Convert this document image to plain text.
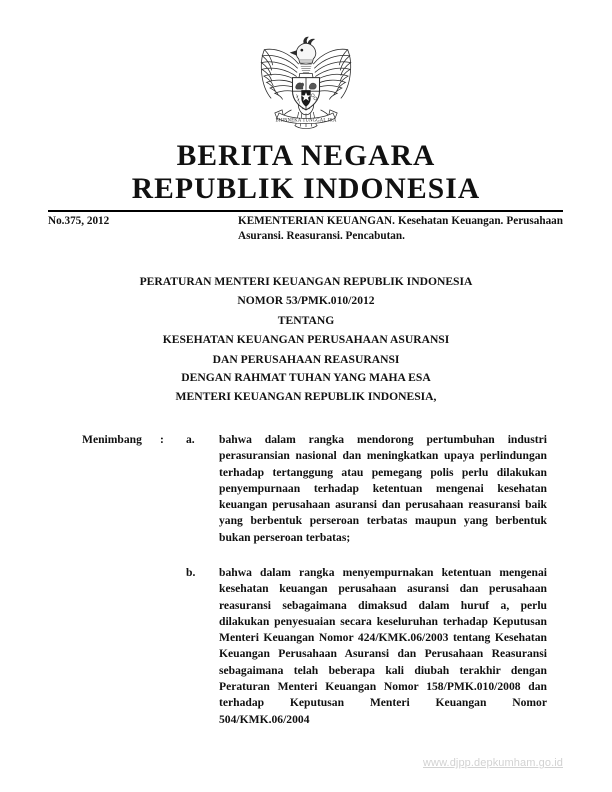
BHINNEKA TUNGGAL IKA
BERITA NEGARA
REPUBLIK INDONESIA
No.375, 2012	KEMENTERIAN KEUANGAN. Kesehatan Keuangan. Perusahaan Asuransi. Reasuransi. Pencabutan.
PERATURAN MENTERI KEUANGAN REPUBLIK INDONESIA
NOMOR 53/PMK.010/2012
TENTANG
KESEHATAN KEUANGAN PERUSAHAAN ASURANSI
DAN PERUSAHAAN REASURANSI
DENGAN RAHMAT TUHAN YANG MAHA ESA
MENTERI KEUANGAN REPUBLIK INDONESIA,
Menimbang : a. bahwa dalam rangka mendorong pertumbuhan industri perasuransian nasional dan meningkatkan upaya perlindungan terhadap tertanggung atau pemegang polis perlu dilakukan penyempurnaan terhadap ketentuan mengenai kesehatan keuangan perusahaan asuransi dan perusahaan reasuransi baik yang berbentuk perseroan terbatas maupun yang berbentuk bukan perseroan terbatas;
b. bahwa dalam rangka menyempurnakan ketentuan mengenai kesehatan keuangan perusahaan asuransi dan perusahaan reasuransi sebagaimana dimaksud dalam huruf a, perlu dilakukan penyesuaian secara keseluruhan terhadap Keputusan Menteri Keuangan Nomor 424/KMK.06/2003 tentang Kesehatan Keuangan Perusahaan Asuransi dan Perusahaan Reasuransi sebagaimana telah beberapa kali diubah terakhir dengan Peraturan Menteri Keuangan Nomor 158/PMK.010/2008 dan terhadap Keputusan Menteri Keuangan Nomor 504/KMK.06/2004
www.djpp.depkumham.go.id
